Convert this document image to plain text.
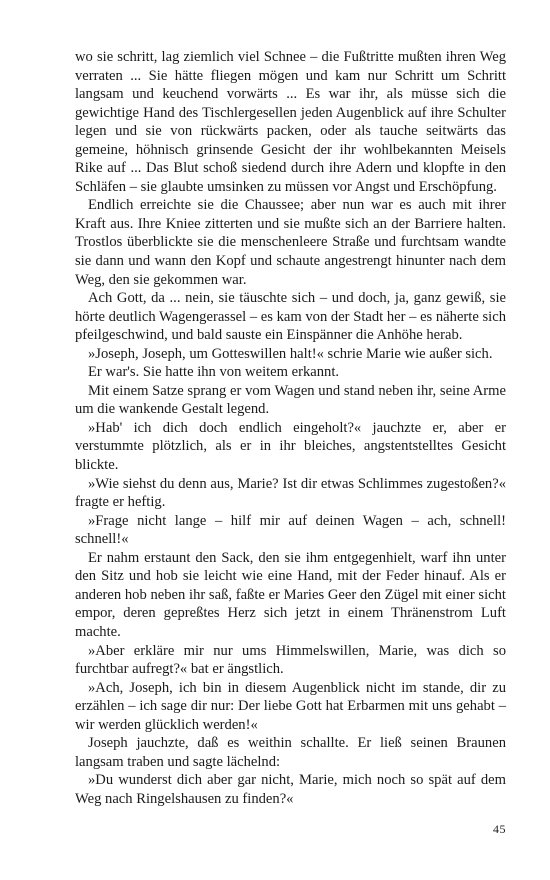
wo sie schritt, lag ziemlich viel Schnee – die Fußtritte mußten ihren Weg verraten ... Sie hätte fliegen mögen und kam nur Schritt um Schritt langsam und keuchend vorwärts ... Es war ihr, als müsse sich die gewichtige Hand des Tischlergesellen jeden Augenblick auf ihre Schulter legen und sie von rückwärts packen, oder als tauche seitwärts das gemeine, höhnisch grinsende Gesicht der ihr wohlbekannten Meisels Rike auf ... Das Blut schoß siedend durch ihre Adern und klopfte in den Schläfen – sie glaubte umsinken zu müssen vor Angst und Erschöpfung.

Endlich erreichte sie die Chaussee; aber nun war es auch mit ihrer Kraft aus. Ihre Kniee zitterten und sie mußte sich an der Barriere halten. Trostlos überblickte sie die menschenleere Straße und furchtsam wandte sie dann und wann den Kopf und schaute angestrengt hinunter nach dem Weg, den sie gekommen war.

Ach Gott, da ... nein, sie täuschte sich – und doch, ja, ganz gewiß, sie hörte deutlich Wagengerassel – es kam von der Stadt her – es näherte sich pfeilgeschwind, und bald sauste ein Einspänner die Anhöhe herab.

»Joseph, Joseph, um Gotteswillen halt!« schrie Marie wie außer sich.

Er war's. Sie hatte ihn von weitem erkannt.

Mit einem Satze sprang er vom Wagen und stand neben ihr, seine Arme um die wankende Gestalt legend.

»Hab' ich dich doch endlich eingeholt?« jauchzte er, aber er verstummte plötzlich, als er in ihr bleiches, angstentstelltes Gesicht blickte.

»Wie siehst du denn aus, Marie? Ist dir etwas Schlimmes zugestoßen?« fragte er heftig.

»Frage nicht lange – hilf mir auf deinen Wagen – ach, schnell! schnell!«

Er nahm erstaunt den Sack, den sie ihm entgegenhielt, warf ihn unter den Sitz und hob sie leicht wie eine Hand, mit der Feder hinauf. Als er anderen hob neben ihr saß, faßte er Maries Geer den Zügel mit einer sicht empor, deren gepreßtes Herz sich jetzt in einem Thränenstrom Luft machte.

»Aber erkläre mir nur ums Himmelswillen, Marie, was dich so furchtbar aufregt?« bat er ängstlich.

»Ach, Joseph, ich bin in diesem Augenblick nicht im stande, dir zu erzählen – ich sage dir nur: Der liebe Gott hat Erbarmen mit uns gehabt – wir werden glücklich werden!«

Joseph jauchzte, daß es weithin schallte. Er ließ seinen Braunen langsam traben und sagte lächelnd:

»Du wunderst dich aber gar nicht, Marie, mich noch so spät auf dem Weg nach Ringelshausen zu finden?«

45
